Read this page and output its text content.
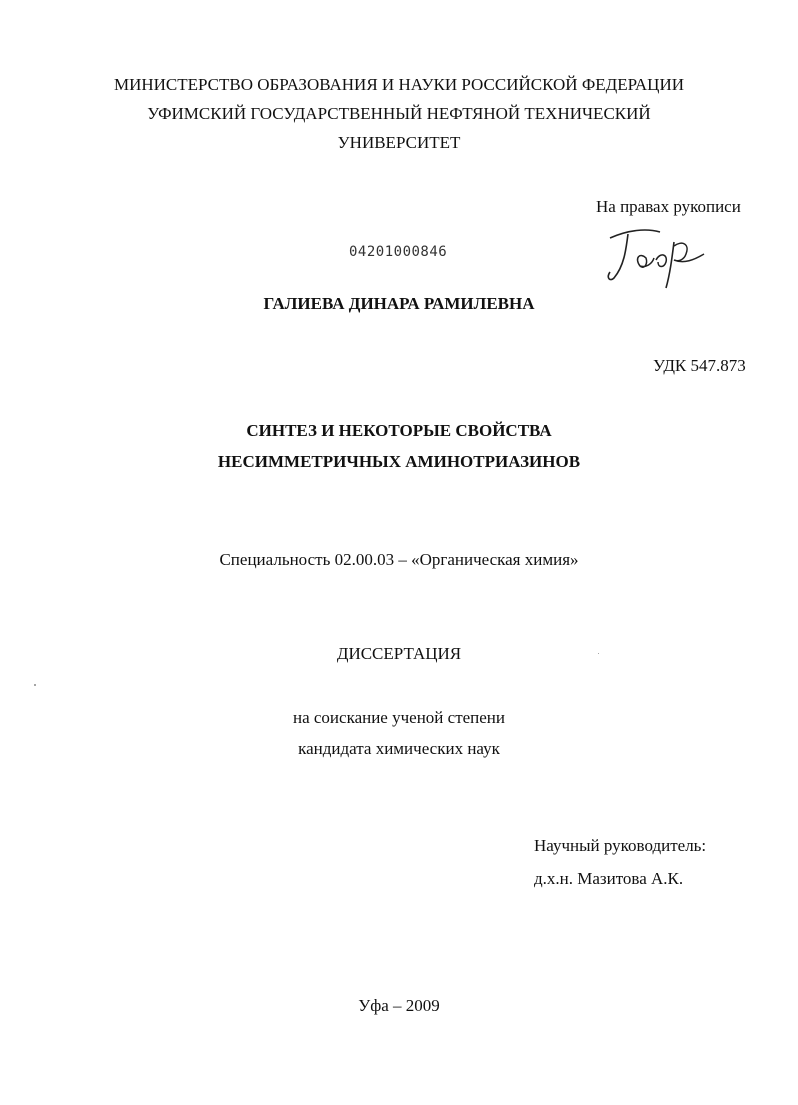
МИНИСТЕРСТВО ОБРАЗОВАНИЯ И НАУКИ РОССИЙСКОЙ ФЕДЕРАЦИИ
УФИМСКИЙ ГОСУДАРСТВЕННЫЙ НЕФТЯНОЙ ТЕХНИЧЕСКИЙ
УНИВЕРСИТЕТ
На правах рукописи
04201000846
ГАЛИЕВА ДИНАРА РАМИЛЕВНА
УДК 547.873
СИНТЕЗ И НЕКОТОРЫЕ СВОЙСТВА
НЕСИММЕТРИЧНЫХ АМИНОТРИАЗИНОВ
Специальность 02.00.03 – «Органическая химия»
ДИССЕРТАЦИЯ
на соискание ученой степени
кандидата химических наук
Научный руководитель:
д.х.н. Мазитова А.К.
Уфа – 2009
